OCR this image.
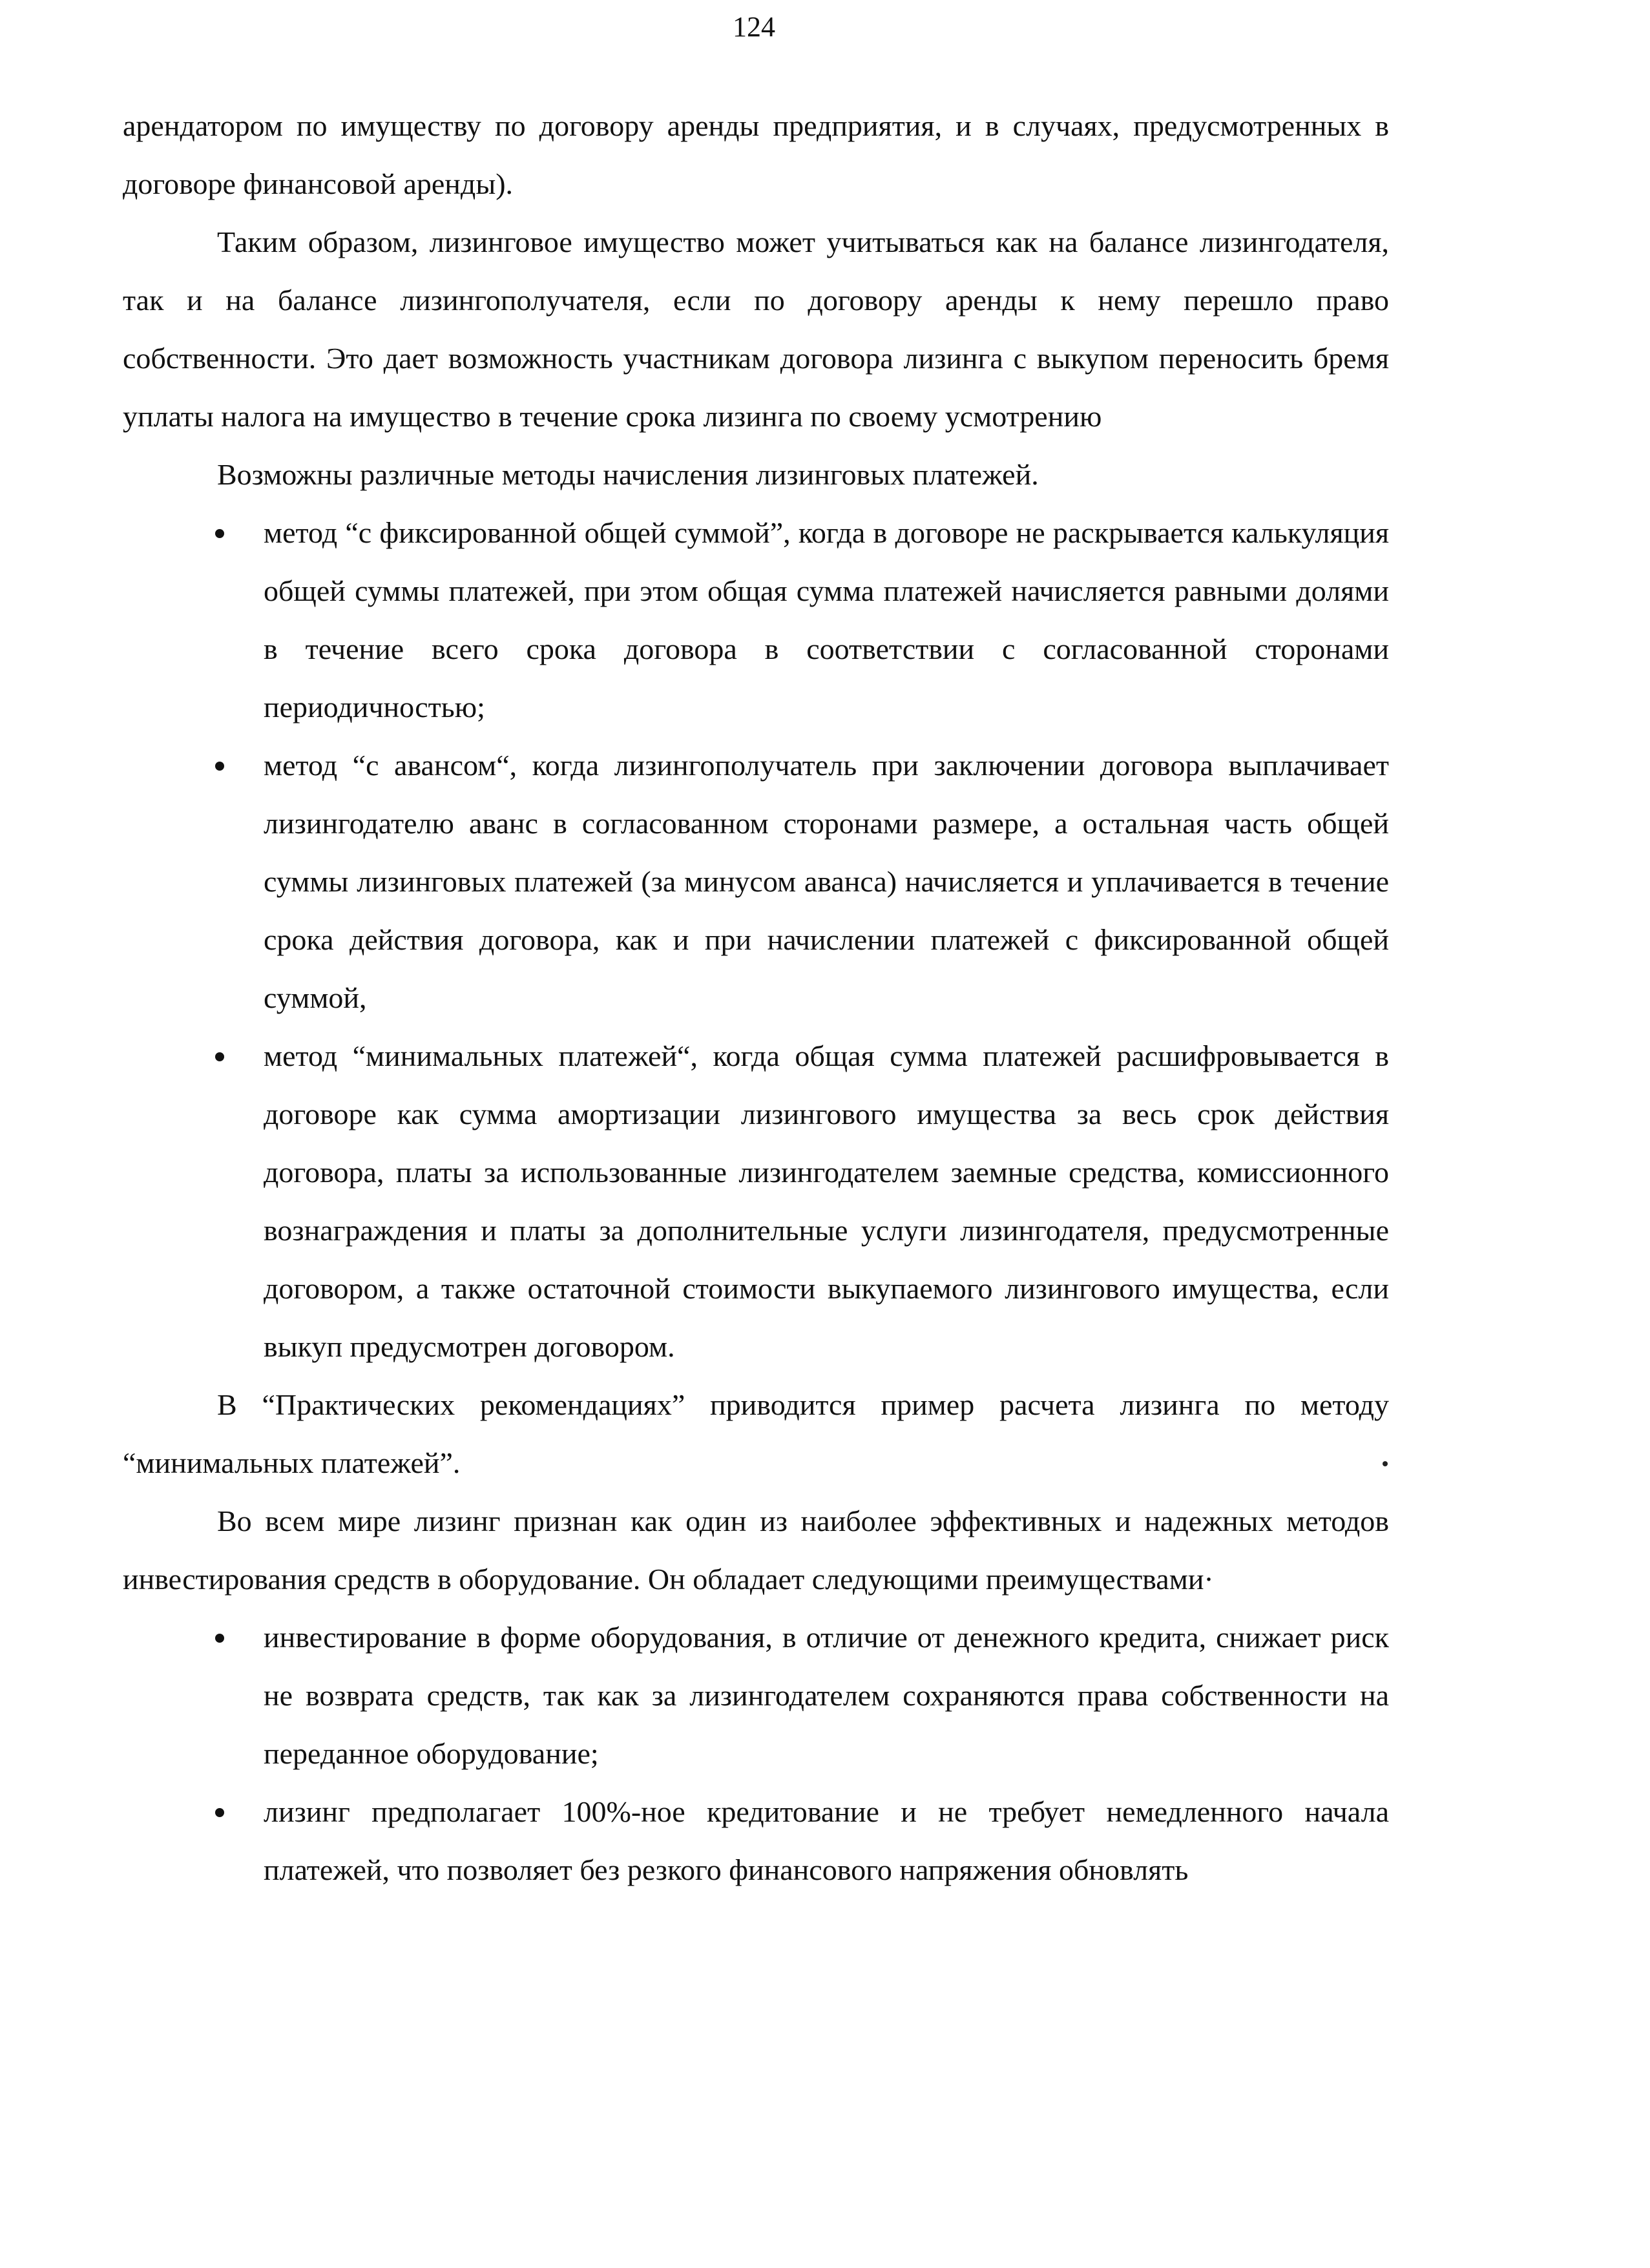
124

арендатором по имуществу по договору аренды предприятия, и в случаях, предусмотренных в договоре финансовой аренды).

Таким образом, лизинговое имущество может учитываться как на балансе лизингодателя, так и на балансе лизингополучателя, если по договору аренды к нему перешло право собственности. Это дает возможность участникам договора лизинга с выкупом переносить бремя уплаты налога на имущество в течение срока лизинга по своему усмотрению

Возможны различные методы начисления лизинговых платежей.

метод “с фиксированной общей суммой”, когда в договоре не раскрывается калькуляция общей суммы платежей, при этом общая сумма платежей начисляется равными долями в течение всего срока договора в соответствии с согласованной сторонами периодичностью;
метод “с авансом“, когда лизингополучатель при заключении договора выплачивает лизингодателю аванс в согласованном сторонами размере, а остальная часть общей суммы лизинговых платежей (за минусом аванса) начисляется и уплачивается в течение срока действия договора, как и при начислении платежей с фиксированной общей суммой,
метод “минимальных платежей“, когда общая сумма платежей расшифровывается в договоре как сумма амортизации лизингового имущества за весь срок действия договора, платы за использованные лизингодателем заемные средства, комиссионного вознаграждения и платы за дополнительные услуги лизингодателя, предусмотренные договором, а также остаточной стоимости выкупаемого лизингового имущества, если выкуп предусмотрен договором.

В “Практических рекомендациях” приводится пример расчета лизинга по методу “минимальных платежей”.

Во всем мире лизинг признан как один из наиболее эффективных и надежных методов инвестирования средств в оборудование. Он обладает следующими преимуществами·

инвестирование в форме оборудования, в отличие от денежного кредита, снижает риск не возврата средств, так как за лизингодателем сохраняются права собственности на переданное оборудование;
лизинг предполагает 100%-ное кредитование и не требует немедленного начала платежей, что позволяет без резкого финансового напряжения обновлять
